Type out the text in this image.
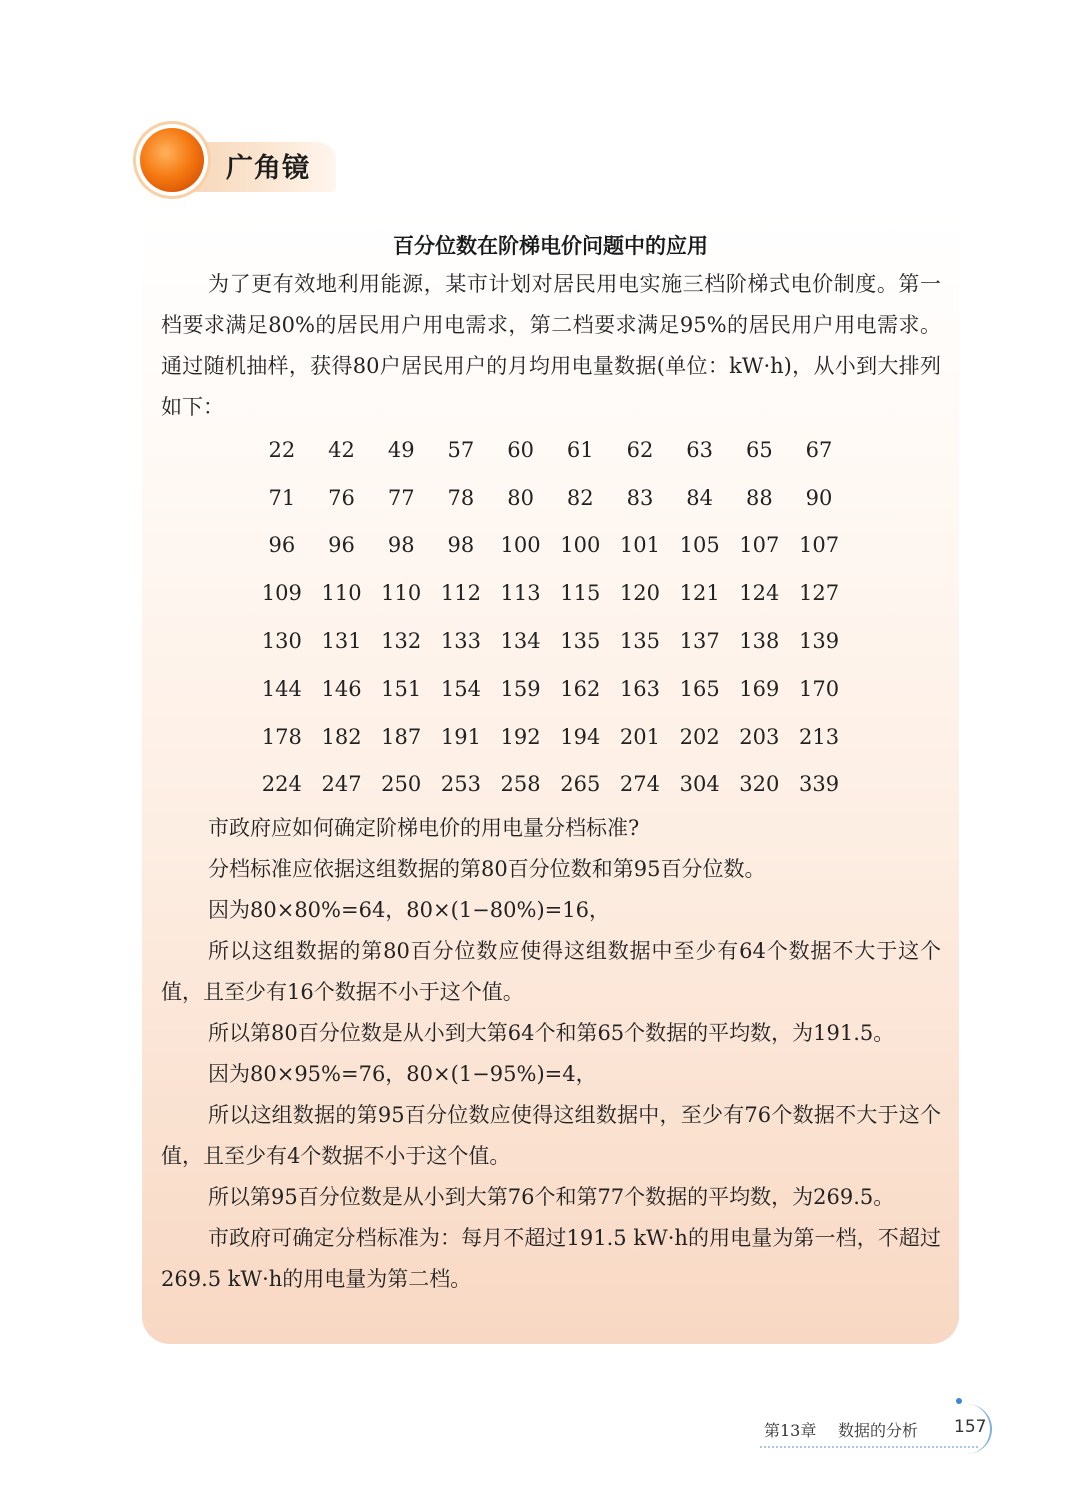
广角镜
百分位数在阶梯电价问题中的应用

为了更有效地利用能源，某市计划对居民用电实施三档阶梯式电价制度。第一档要求满足80%的居民用户用电需求，第二档要求满足95%的居民用户用电需求。通过随机抽样，获得80户居民用户的月均用电量数据(单位：kW·h)，从小到大排列如下：

22	42	49	57	60	61	62	63	65	67
71	76	77	78	80	82	83	84	88	90
96	96	98	98	100 100 101 105 107 107
109 110 110 112 113 115 120 121 124 127
130 131 132 133 134 135 135 137 138 139
144 146 151 154 159 162 163 165 169 170
178 182 187 191 192 194 201 202 203 213
224 247 250 253 258 265 274 304 320 339

市政府应如何确定阶梯电价的用电量分档标准?

分档标准应依据这组数据的第80百分位数和第95百分位数。

因为80×80%=64，80×(1−80%)=16，

所以这组数据的第80百分位数应使得这组数据中至少有64个数据不大于这个值，且至少有16个数据不小于这个值。

所以第80百分位数是从小到大第64个和第65个数据的平均数，为191.5。

因为80×95%=76，80×(1−95%)=4，

所以这组数据的第95百分位数应使得这组数据中，至少有76个数据不大于这个值，且至少有4个数据不小于这个值。

所以第95百分位数是从小到大第76个和第77个数据的平均数，为269.5。

市政府可确定分档标准为：每月不超过191.5 kW·h的用电量为第一档，不超过269.5 kW·h的用电量为第二档。

第13章 数据的分析 157
